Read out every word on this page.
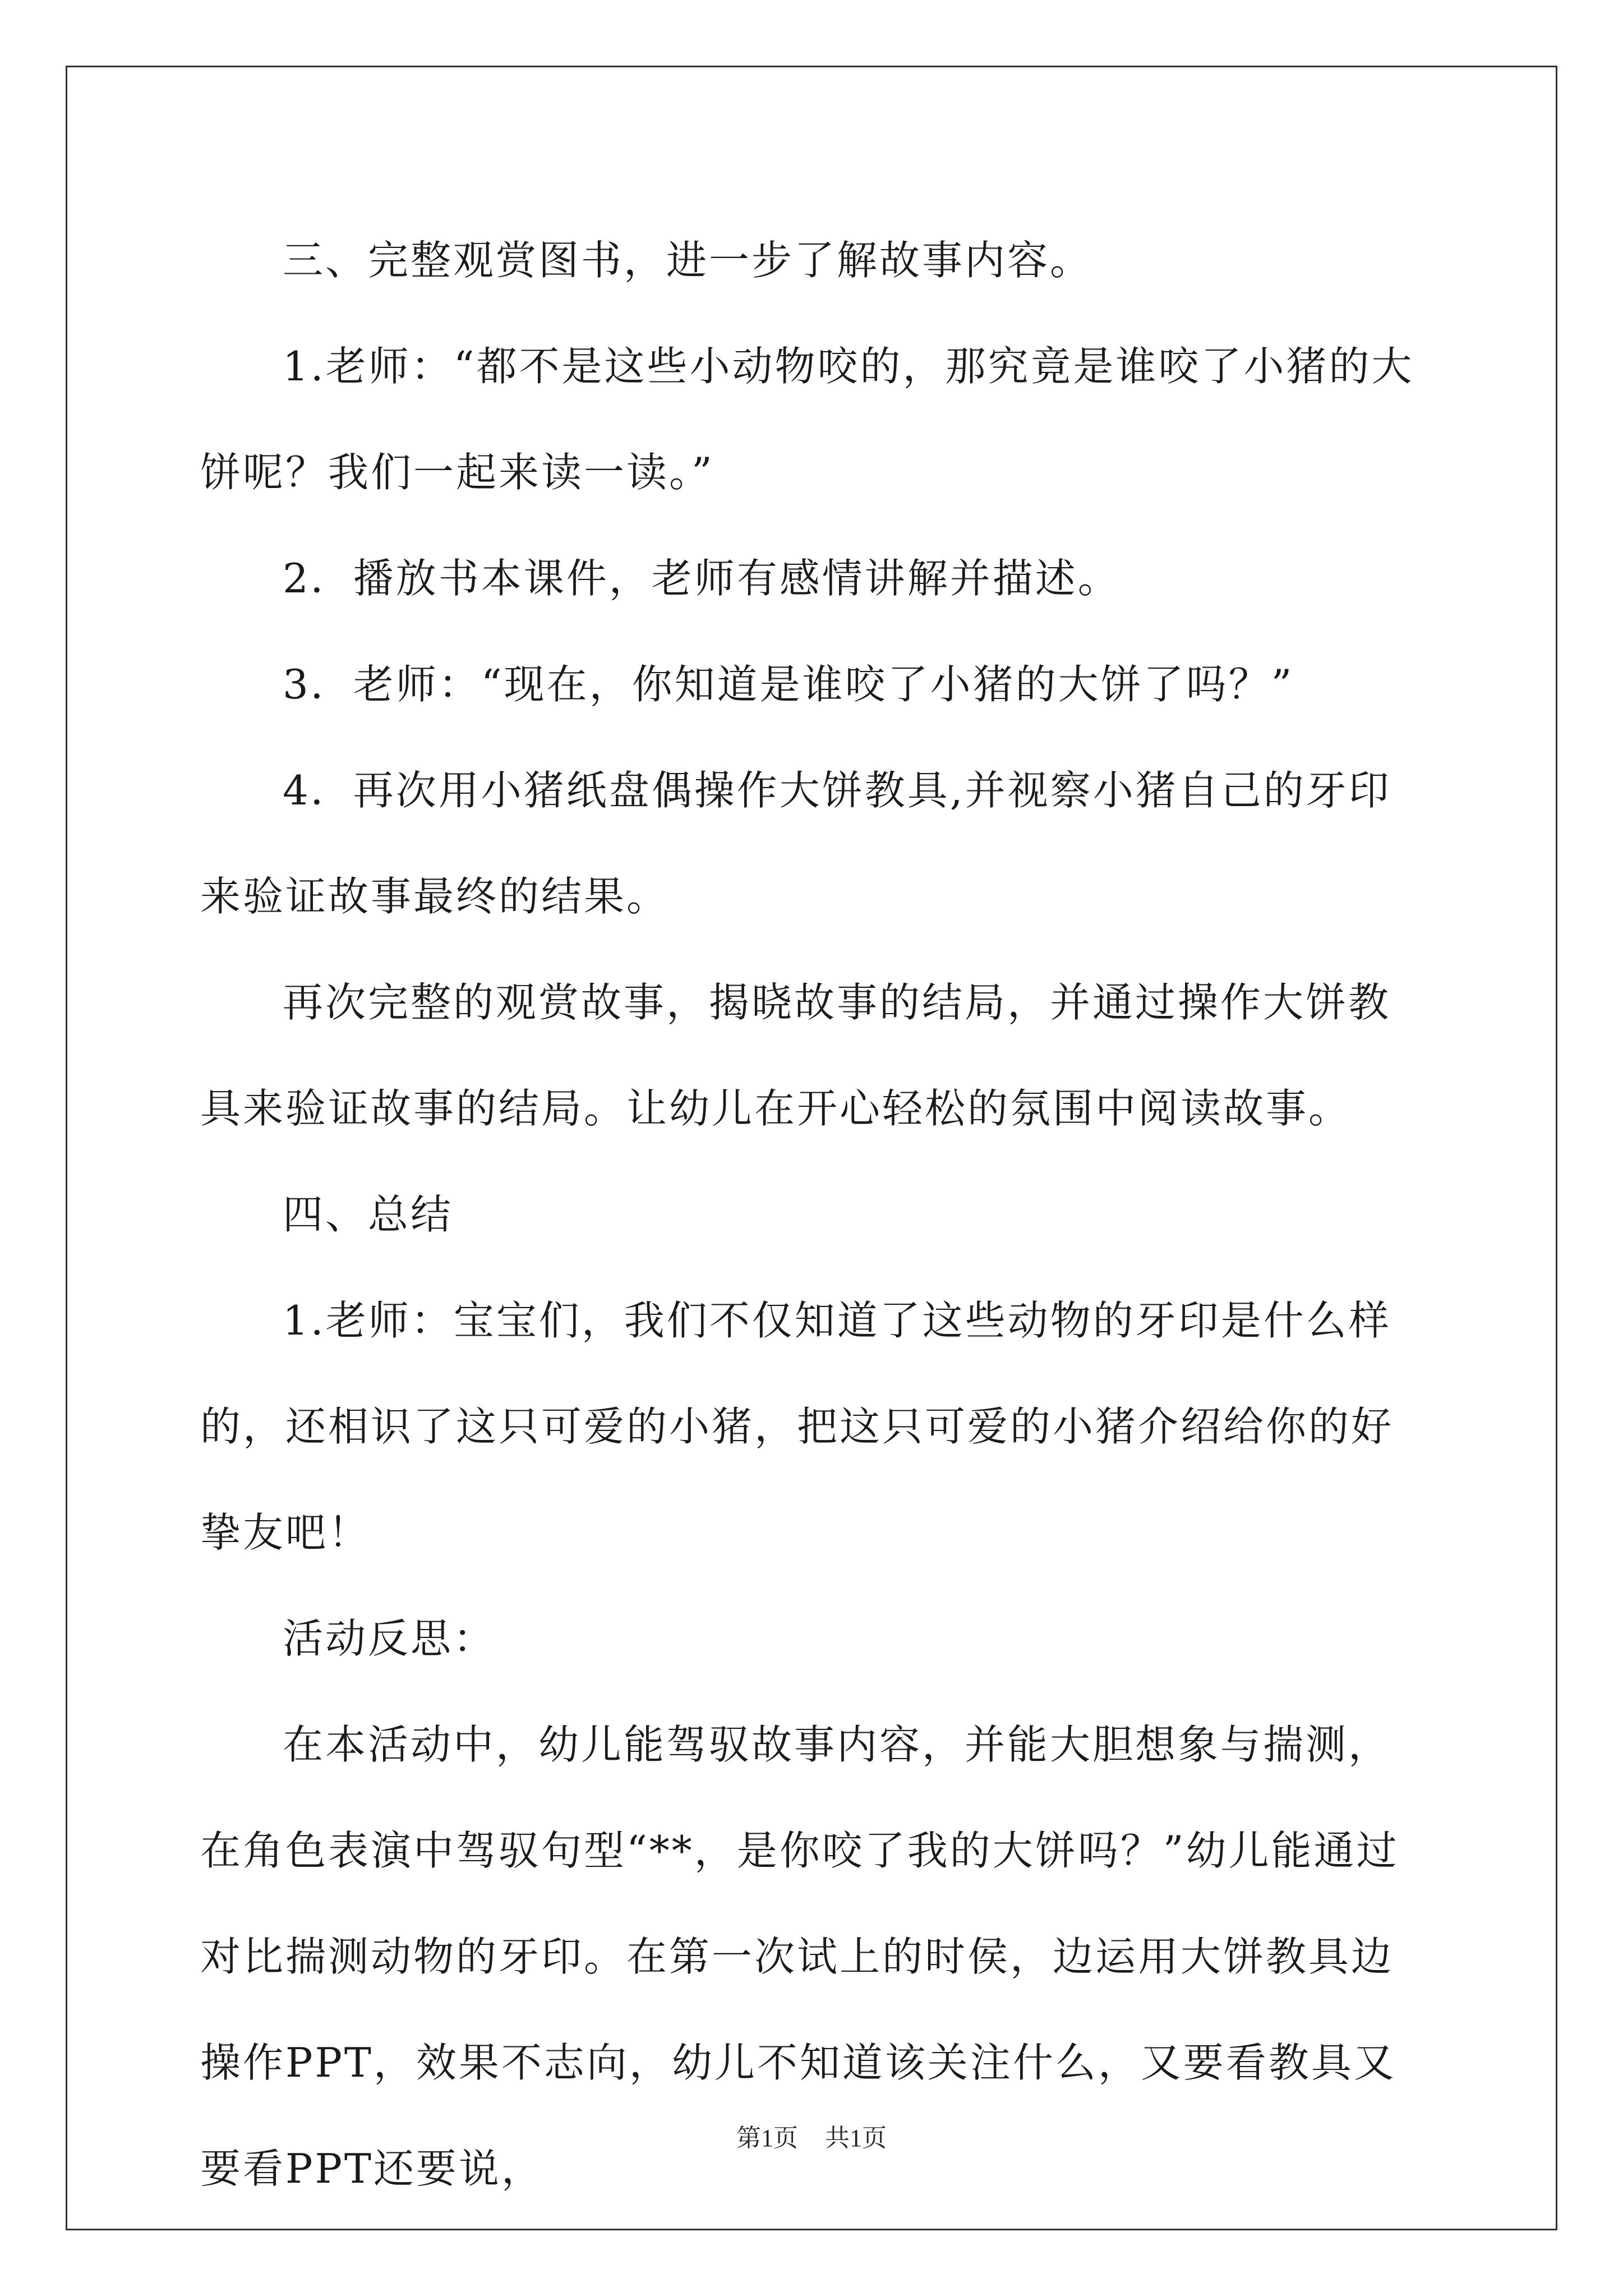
三、完整观赏图书，进一步了解故事内容。

1.老师：“都不是这些小动物咬的，那究竟是谁咬了小猪的大饼呢？我们一起来读一读。”

2．播放书本课件，老师有感情讲解并描述。

3．老师：“现在，你知道是谁咬了小猪的大饼了吗？”

4．再次用小猪纸盘偶操作大饼教具,并视察小猪自己的牙印来验证故事最终的结果。

再次完整的观赏故事，揭晓故事的结局，并通过操作大饼教具来验证故事的结局。让幼儿在开心轻松的氛围中阅读故事。

四、总结

1.老师：宝宝们，我们不仅知道了这些动物的牙印是什么样的，还相识了这只可爱的小猪，把这只可爱的小猪介绍给你的好挚友吧！

活动反思：

在本活动中，幼儿能驾驭故事内容，并能大胆想象与揣测，在角色表演中驾驭句型“**，是你咬了我的大饼吗？”幼儿能通过对比揣测动物的牙印。在第一次试上的时侯，边运用大饼教具边操作PPT，效果不志向，幼儿不知道该关注什么，又要看教具又要看PPT还要说，

第1页 共1页
